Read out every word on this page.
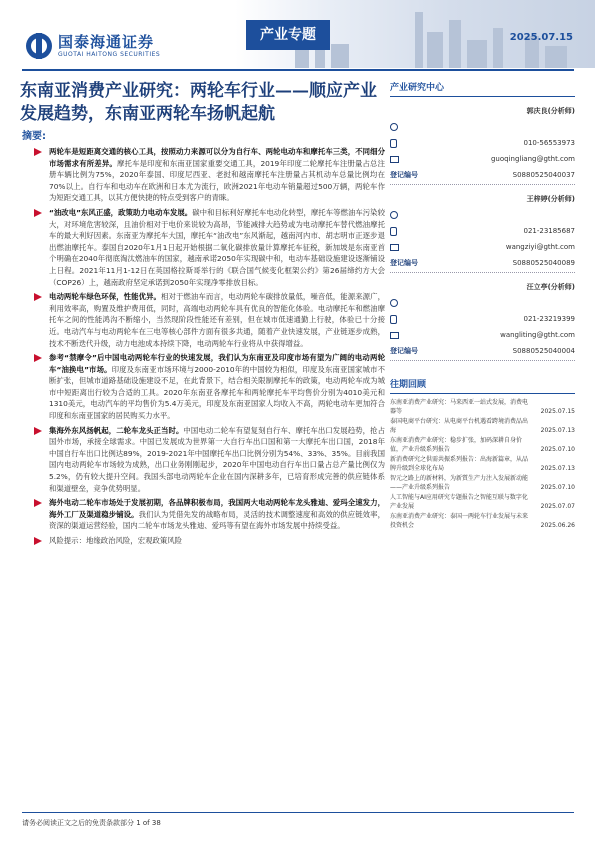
国泰海通证券
GUOTAI HAITONG SECURITIES
产业专题	2025.07.15
东南亚消费产业研究：两轮车行业——顺应产业发展趋势，东南亚两轮车扬帆起航
摘要:
两轮车是短距离交通的核心工具，按照动力来源可以分为自行车、两轮电动车和摩托车三类，不同细分市场需求有所差异。摩托车是印度和东南亚国家重要交通工具，2019年印度二轮摩托车注册量占总注册车辆比例为75%，2020年泰国、印度尼西亚、老挝和越南摩托车注册量占其机动车总量比例均在70%以上。自行车和电动车在欧洲和日本尤为流行，欧洲2021年电动车销量超过500万辆，两轮车作为短距交通工具，以其方便快捷的特点受到客户的青睐。
“油改电”东风正盛，政策助力电动车发展。碳中和目标利好摩托车电动化转型，摩托车等燃油车污染较大，对环境危害较深，且油价相对于电价来说较为高昂，节能减排大趋势或为电动摩托车替代燃油摩托车的最大利好因素。东南亚为摩托车大国，摩托车“油改电”东风渐起，越南河内市、胡志明市正逐步退出燃油摩托车。泰国自2020年1月1日起开始根据二氧化碳排放量计算摩托车征税，新加坡是东南亚首个明确在2040年彻底淘汰燃油车的国家，越南承诺2050年实现碳中和，电动车基础设施建设逐渐铺设上日程。2021年11月1-12日在英国格拉斯哥举行的《联合国气候变化框架公约》第26届缔约方大会（COP26）上，越南政府坚定承诺到2050年实现净零排放目标。
电动两轮车绿色环保，性能优异。相对于燃油车而言，电动两轮车碳排放量低，噪音低，能源来源广，利用效率高，购置及维护费用低，同时，高端电动两轮车具有优良的智能化体验。电动摩托车和燃油摩托车之间的性能鸿沟不断缩小，当然现阶段性能还有差别，但在城市低速通勤上行驶，体验已十分接近。电动汽车与电动两轮车在三电等核心部件方面有很多共通，随着产业快速发展，产业链逐步成熟，技术不断迭代升级，动力电池成本持续下降，电动两轮车行业将从中获得增益。
参考“禁摩令”后中国电动两轮车行业的快速发展，我们认为东南亚及印度市场有望为广阔的电动两轮车“油换电”市场。印度及东南亚市场环境与2000-2010年的中国较为相似，印度及东南亚国家城市不断扩张，但城市道路基础设施建设不足，在此背景下，结合相关限制摩托车的政策，电动两轮车成为城市中短距离出行较为合适的工具。2020年东南亚各摩托车和两轮摩托车平均售价分别为4010美元和1310美元，电动汽车的平均售价为5.4万美元，印度及东南亚国家人均收入不高，两轮电动车更加符合印度和东南亚国家的居民购买力水平。
集海外东风扬帆起，二轮车龙头正当时。中国电动二轮车有望复刻自行车、摩托车出口发展趋势，抢占国外市场，承接全球需求。中国已发展成为世界第一大自行车出口国和第一大摩托车出口国，2018年中国自行车出口比例达89%，2019-2021年中国摩托车出口比例分别为54%、33%、35%。目前我国国内电动两轮车市场较为成熟，出口业务刚刚起步，2020年中国电动自行车出口量占总产量比例仅为5.2%，仍有较大提升空间。我国头部电动两轮车企业在国内深耕多年，已培育形成完善的供应链体系和渠道壁垒，竞争优势明显。
海外电动二轮车市场处于发展初期，各品牌积极布局，我国两大电动两轮车龙头雅迪、爱玛全速发力，海外工厂及渠道稳步铺设。我们认为凭借先发的战略布局，灵活的技术调整速度和高效的供应链效率，资深的渠道运营经验，国内二轮车市场龙头雅迪、爱玛等有望在海外市场发展中持续受益。
风险提示：地缘政治风险，宏观政策风险
产业研究中心
郭庆良(分析师)
010-56553973
guoqingliang@gtht.com
登记编号	S0880525040037
王梓婷(分析师)
021-23185687
wangziyi@gtht.com
登记编号	S0880525040089
汪立亭(分析师)
021-23219399
wangliting@gtht.com
登记编号	S0880525040004
往期回顾
东南亚消费产业研究：马来西亚一站式发展，消费电器等	2025.07.15
泰国电商平台研究：从电商平台机遇看跨境消费品出海	2025.07.13
东南亚消费产业研究：稳步扩张，加码深耕自身价值，产业升级系列报告	2025.07.10
新消费研究之供需共振系列报告：出海新篇章，从品牌升级到全球化布局	2025.07.13
智元之路上的新材料，为新質生产力注入发展新动能——产业升级系列报告	2025.07.10
人工智能与AI应用研究专题报告之智能互联与数字化产业发展	2025.07.07
东南亚消费产业研究：泰国一两轮车行业发展与未来投资机会	2025.06.26
请务必阅读正文之后的免责条款部分 1 of 38
